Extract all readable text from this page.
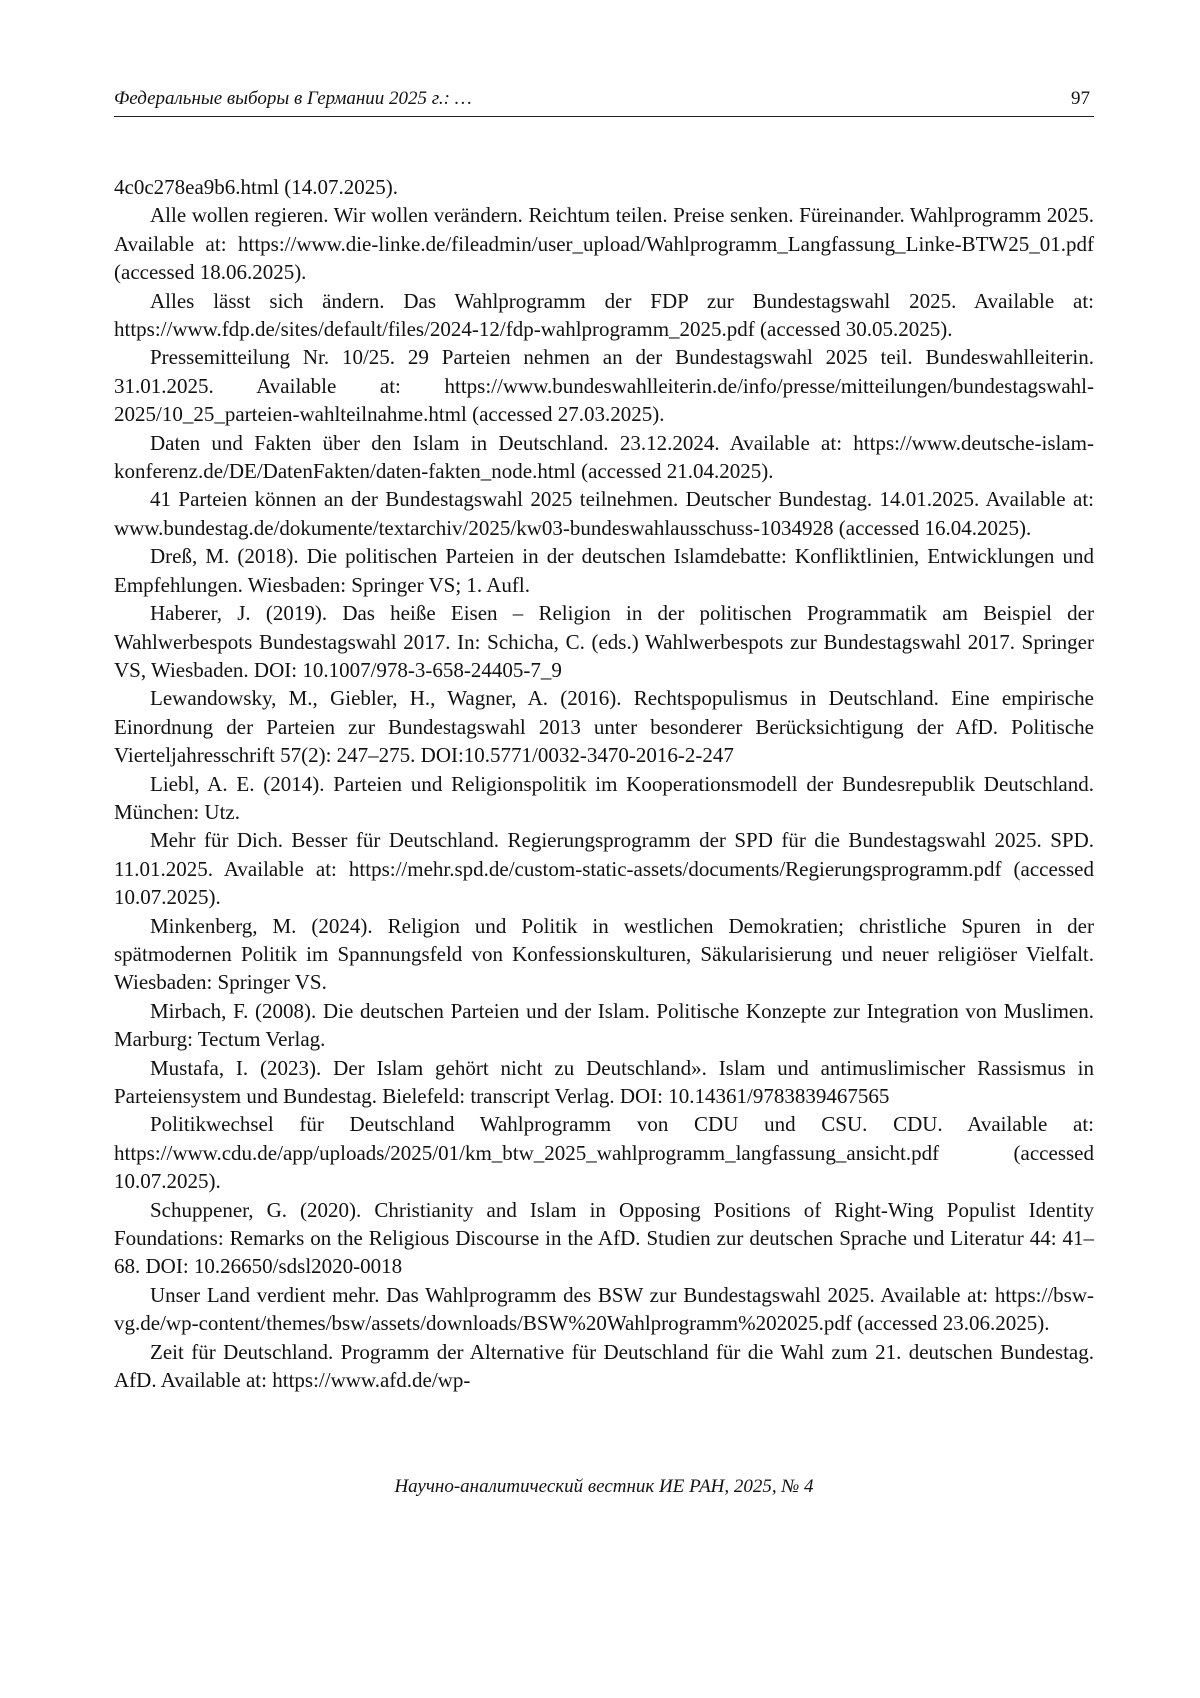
Федеральные выборы в Германии 2025 г.: …	97

4c0c278ea9b6.html (14.07.2025).

Alle wollen regieren. Wir wollen verändern. Reichtum teilen. Preise senken. Füreinander. Wahlprogramm 2025. Available at: https://www.die-linke.de/fileadmin/user_upload/Wahlprogramm_Langfassung_Linke-BTW25_01.pdf (accessed 18.06.2025).

Alles lässt sich ändern. Das Wahlprogramm der FDP zur Bundestagswahl 2025. Available at: https://www.fdp.de/sites/default/files/2024-12/fdp-wahlprogramm_2025.pdf (accessed 30.05.2025).

Pressemitteilung Nr. 10/25. 29 Parteien nehmen an der Bundestagswahl 2025 teil. Bundeswahlleiterin. 31.01.2025. Available at: https://www.bundeswahlleiterin.de/info/presse/mitteilungen/bundestagswahl-2025/10_25_parteien-wahlteilnahme.html (accessed 27.03.2025).

Daten und Fakten über den Islam in Deutschland. 23.12.2024. Available at: https://www.deutsche-islam-konferenz.de/DE/DatenFakten/daten-fakten_node.html (accessed 21.04.2025).

41 Parteien können an der Bundestagswahl 2025 teilnehmen. Deutscher Bundestag. 14.01.2025. Available at: www.bundestag.de/dokumente/textarchiv/2025/kw03-bundeswahlausschuss-1034928 (accessed 16.04.2025).

Dreß, M. (2018). Die politischen Parteien in der deutschen Islamdebatte: Konfliktlinien, Entwicklungen und Empfehlungen. Wiesbaden: Springer VS; 1. Aufl.

Haberer, J. (2019). Das heiße Eisen – Religion in der politischen Programmatik am Beispiel der Wahlwerbespots Bundestagswahl 2017. In: Schicha, C. (eds.) Wahlwerbespots zur Bundestagswahl 2017. Springer VS, Wiesbaden. DOI: 10.1007/978-3-658-24405-7_9

Lewandowsky, M., Giebler, H., Wagner, A. (2016). Rechtspopulismus in Deutschland. Eine empirische Einordnung der Parteien zur Bundestagswahl 2013 unter besonderer Berücksichtigung der AfD. Politische Vierteljahresschrift 57(2): 247–275. DOI:10.5771/0032-3470-2016-2-247

Liebl, A. E. (2014). Parteien und Religionspolitik im Kooperationsmodell der Bundesrepublik Deutschland. München: Utz.

Mehr für Dich. Besser für Deutschland. Regierungsprogramm der SPD für die Bundestagswahl 2025. SPD. 11.01.2025. Available at: https://mehr.spd.de/custom-static-assets/documents/Regierungsprogramm.pdf (accessed 10.07.2025).

Minkenberg, M. (2024). Religion und Politik in westlichen Demokratien; christliche Spuren in der spätmodernen Politik im Spannungsfeld von Konfessionskulturen, Säkularisierung und neuer religiöser Vielfalt. Wiesbaden: Springer VS.

Mirbach, F. (2008). Die deutschen Parteien und der Islam. Politische Konzepte zur Integration von Muslimen. Marburg: Tectum Verlag.

Mustafa, I. (2023). Der Islam gehört nicht zu Deutschland». Islam und antimuslimischer Rassismus in Parteiensystem und Bundestag. Bielefeld: transcript Verlag. DOI: 10.14361/9783839467565

Politikwechsel für Deutschland Wahlprogramm von CDU und CSU. CDU. Available at: https://www.cdu.de/app/uploads/2025/01/km_btw_2025_wahlprogramm_langfassung_ansicht.pdf (accessed 10.07.2025).

Schuppener, G. (2020). Christianity and Islam in Opposing Positions of Right-Wing Populist Identity Foundations: Remarks on the Religious Discourse in the AfD. Studien zur deutschen Sprache und Literatur 44: 41–68. DOI: 10.26650/sdsl2020-0018

Unser Land verdient mehr. Das Wahlprogramm des BSW zur Bundestagswahl 2025. Available at: https://bsw-vg.de/wp-content/themes/bsw/assets/downloads/BSW%20Wahlprogramm%202025.pdf (accessed 23.06.2025).

Zeit für Deutschland. Programm der Alternative für Deutschland für die Wahl zum 21. deutschen Bundestag. AfD. Available at: https://www.afd.de/wp-

Научно-аналитический вестник ИЕ РАН, 2025, № 4
